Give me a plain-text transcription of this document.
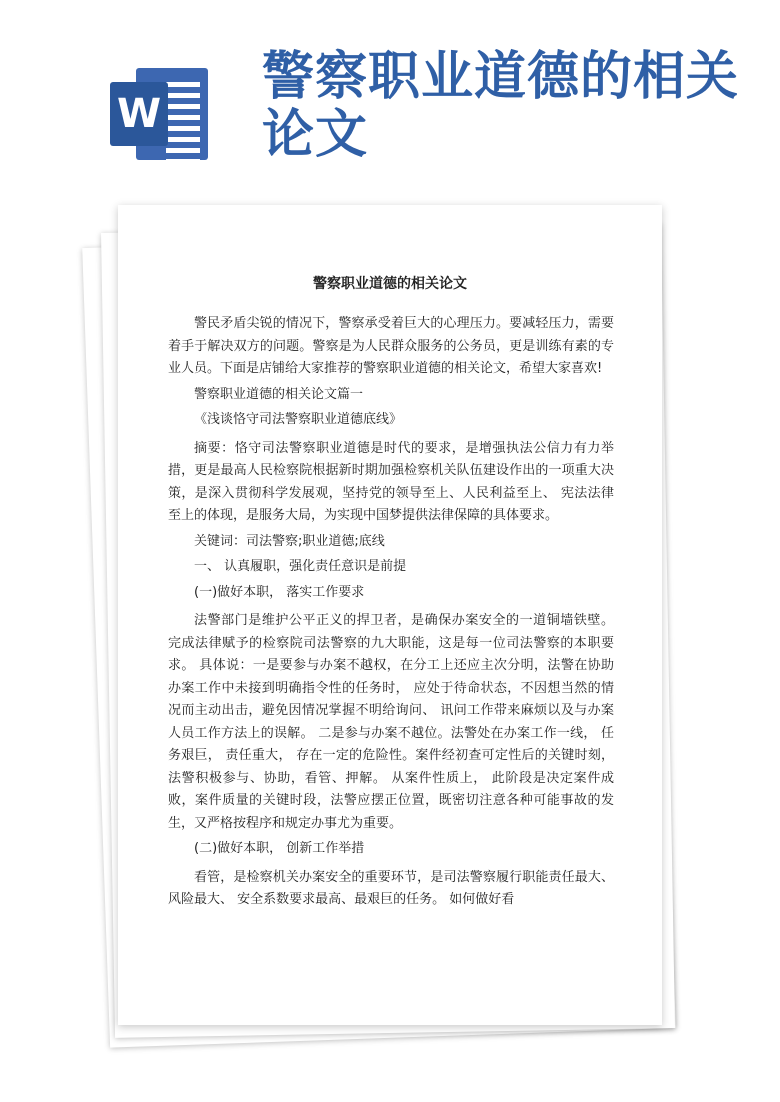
W
警察职业道德的相关论文
警察职业道德的相关论文

警民矛盾尖锐的情况下，警察承受着巨大的心理压力。要减轻压力，需要着手于解决双方的问题。警察是为人民群众服务的公务员，更是训练有素的专业人员。下面是店铺给大家推荐的警察职业道德的相关论文，希望大家喜欢!

警察职业道德的相关论文篇一

《浅谈恪守司法警察职业道德底线》

摘要：恪守司法警察职业道德是时代的要求，是增强执法公信力有力举措，更是最高人民检察院根据新时期加强检察机关队伍建设作出的一项重大决策，是深入贯彻科学发展观，坚持党的领导至上、人民利益至上、 宪法法律至上的体现，是服务大局，为实现中国梦提供法律保障的具体要求。

关键词：司法警察;职业道德;底线

一、 认真履职，强化责任意识是前提

(一)做好本职， 落实工作要求

法警部门是维护公平正义的捍卫者，是确保办案安全的一道铜墙铁壁。 完成法律赋予的检察院司法警察的九大职能，这是每一位司法警察的本职要求。 具体说：一是要参与办案不越权，在分工上还应主次分明，法警在协助办案工作中未接到明确指令性的任务时， 应处于待命状态，不因想当然的情况而主动出击，避免因情况掌握不明给询问、 讯问工作带来麻烦以及与办案人员工作方法上的误解。 二是参与办案不越位。法警处在办案工作一线， 任务艰巨， 责任重大， 存在一定的危险性。案件经初查可定性后的关键时刻，法警积极参与、协助，看管、押解。 从案件性质上， 此阶段是决定案件成败，案件质量的关键时段，法警应摆正位置，既密切注意各种可能事故的发生，又严格按程序和规定办事尤为重要。

(二)做好本职， 创新工作举措

看管，是检察机关办案安全的重要环节，是司法警察履行职能责任最大、 风险最大、 安全系数要求最高、最艰巨的任务。 如何做好看
